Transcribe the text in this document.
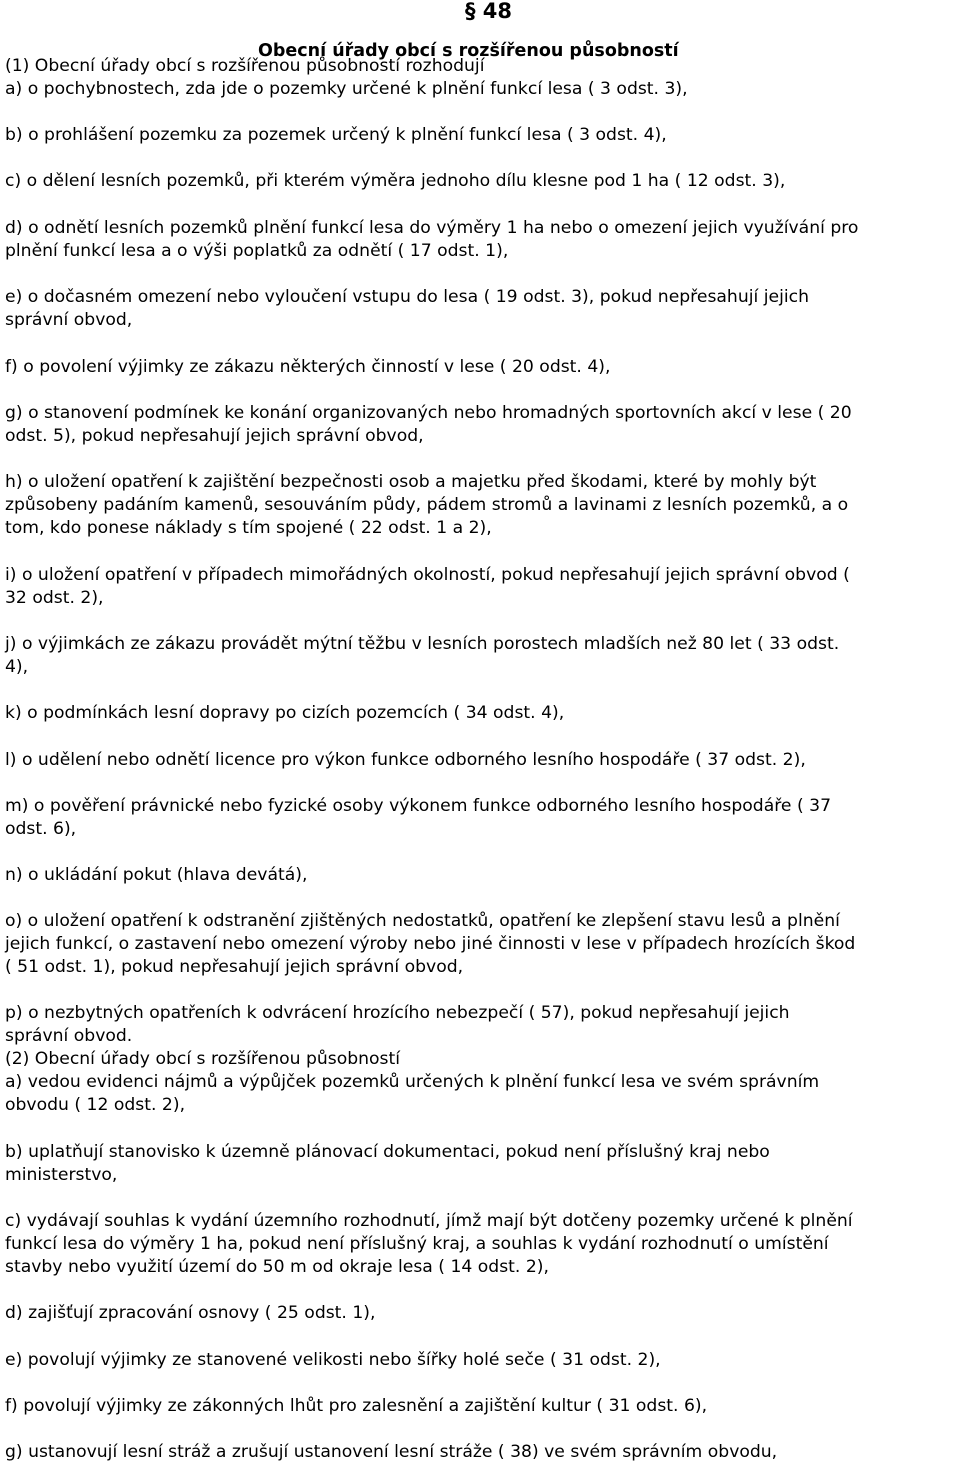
§ 48
Obecní úřady obcí s rozšířenou působností
(1) Obecní úřady obcí s rozšířenou působností rozhodují
a) o pochybnostech, zda jde o pozemky určené k plnění funkcí lesa ( 3 odst. 3),
b) o prohlášení pozemku za pozemek určený k plnění funkcí lesa ( 3 odst. 4),
c) o dělení lesních pozemků, při kterém výměra jednoho dílu klesne pod 1 ha ( 12 odst. 3),
d) o odnětí lesních pozemků plnění funkcí lesa do výměry 1 ha nebo o omezení jejich využívání pro
plnění funkcí lesa a o výši poplatků za odnětí ( 17 odst. 1),
e) o dočasném omezení nebo vyloučení vstupu do lesa ( 19 odst. 3), pokud nepřesahují jejich
správní obvod,
f) o povolení výjimky ze zákazu některých činností v lese ( 20 odst. 4),
g) o stanovení podmínek ke konání organizovaných nebo hromadných sportovních akcí v lese ( 20
odst. 5), pokud nepřesahují jejich správní obvod,
h) o uložení opatření k zajištění bezpečnosti osob a majetku před škodami, které by mohly být
způsobeny padáním kamenů, sesouváním půdy, pádem stromů a lavinami z lesních pozemků, a o
tom, kdo ponese náklady s tím spojené ( 22 odst. 1 a 2),
i) o uložení opatření v případech mimořádných okolností, pokud nepřesahují jejich správní obvod (
32 odst. 2),
j) o výjimkách ze zákazu provádět mýtní těžbu v lesních porostech mladších než 80 let ( 33 odst.
4),
k) o podmínkách lesní dopravy po cizích pozemcích ( 34 odst. 4),
l) o udělení nebo odnětí licence pro výkon funkce odborného lesního hospodáře ( 37 odst. 2),
m) o pověření právnické nebo fyzické osoby výkonem funkce odborného lesního hospodáře ( 37
odst. 6),
n) o ukládání pokut (hlava devátá),
o) o uložení opatření k odstranění zjištěných nedostatků, opatření ke zlepšení stavu lesů a plnění
jejich funkcí, o zastavení nebo omezení výroby nebo jiné činnosti v lese v případech hrozících škod
( 51 odst. 1), pokud nepřesahují jejich správní obvod,
p) o nezbytných opatřeních k odvrácení hrozícího nebezpečí ( 57), pokud nepřesahují jejich
správní obvod.
(2) Obecní úřady obcí s rozšířenou působností
a) vedou evidenci nájmů a výpůjček pozemků určených k plnění funkcí lesa ve svém správním
obvodu ( 12 odst. 2),
b) uplatňují stanovisko k územně plánovací dokumentaci, pokud není příslušný kraj nebo
ministerstvo,
c) vydávají souhlas k vydání územního rozhodnutí, jímž mají být dotčeny pozemky určené k plnění
funkcí lesa do výměry 1 ha, pokud není příslušný kraj, a souhlas k vydání rozhodnutí o umístění
stavby nebo využití území do 50 m od okraje lesa ( 14 odst. 2),
d) zajišťují zpracování osnovy ( 25 odst. 1),
e) povolují výjimky ze stanovené velikosti nebo šířky holé seče ( 31 odst. 2),
f) povolují výjimky ze zákonných lhůt pro zalesnění a zajištění kultur ( 31 odst. 6),
g) ustanovují lesní stráž a zrušují ustanovení lesní stráže ( 38) ve svém správním obvodu,
